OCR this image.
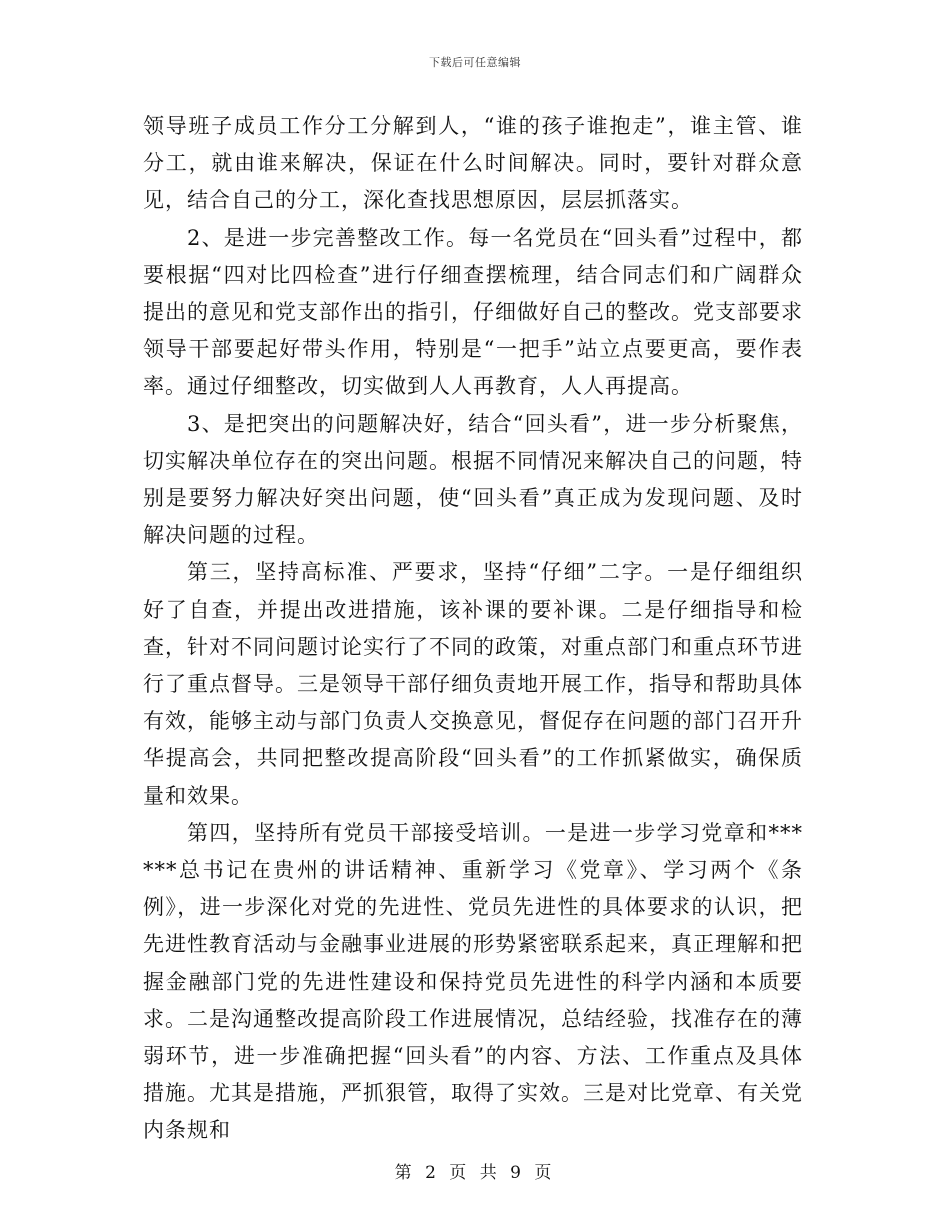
下载后可任意编辑

领导班子成员工作分工分解到人，“谁的孩子谁抱走”，谁主管、谁分工，就由谁来解决，保证在什么时间解决。同时，要针对群众意见，结合自己的分工，深化查找思想原因，层层抓落实。

2、是进一步完善整改工作。每一名党员在“回头看”过程中，都要根据“四对比四检查”进行仔细查摆梳理，结合同志们和广阔群众提出的意见和党支部作出的指引，仔细做好自己的整改。党支部要求领导干部要起好带头作用，特别是“一把手”站立点要更高，要作表率。通过仔细整改，切实做到人人再教育，人人再提高。

3、是把突出的问题解决好，结合“回头看”，进一步分析聚焦，切实解决单位存在的突出问题。根据不同情况来解决自己的问题，特别是要努力解决好突出问题，使“回头看”真正成为发现问题、及时解决问题的过程。

第三，坚持高标准、严要求，坚持“仔细”二字。一是仔细组织好了自查，并提出改进措施，该补课的要补课。二是仔细指导和检查，针对不同问题讨论实行了不同的政策，对重点部门和重点环节进行了重点督导。三是领导干部仔细负责地开展工作，指导和帮助具体有效，能够主动与部门负责人交换意见，督促存在问题的部门召开升华提高会，共同把整改提高阶段“回头看”的工作抓紧做实，确保质量和效果。

第四，坚持所有党员干部接受培训。一是进一步学习党章和******总书记在贵州的讲话精神、重新学习《党章》、学习两个《条例》，进一步深化对党的先进性、党员先进性的具体要求的认识，把先进性教育活动与金融事业进展的形势紧密联系起来，真正理解和把握金融部门党的先进性建设和保持党员先进性的科学内涵和本质要求。二是沟通整改提高阶段工作进展情况，总结经验，找准存在的薄弱环节，进一步准确把握“回头看”的内容、方法、工作重点及具体措施。尤其是措施，严抓狠管，取得了实效。三是对比党章、有关党内条规和

第 2 页 共 9 页
